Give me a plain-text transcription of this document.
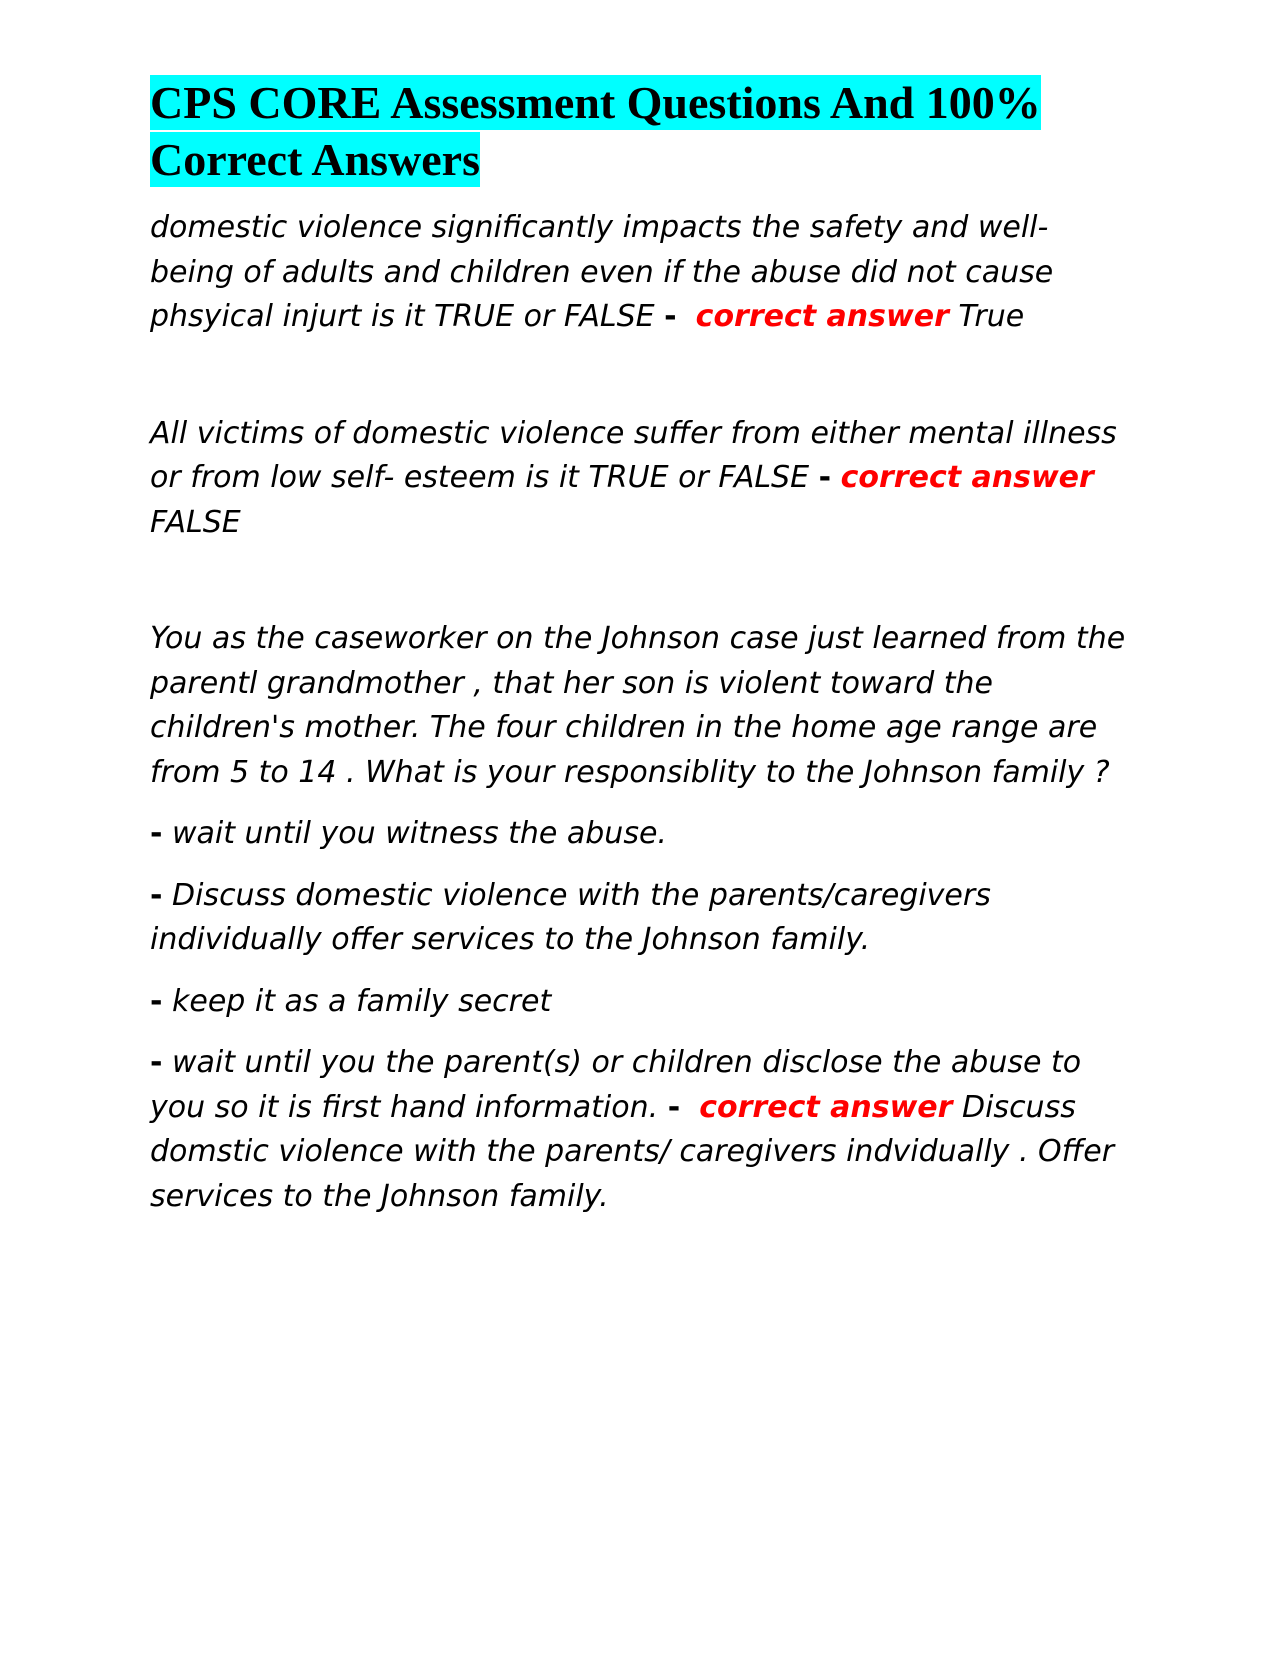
CPS CORE Assessment Questions And 100% Correct Answers

domestic violence significantly impacts the safety and well- being of adults and children even if the abuse did not cause phsyical injurt is it TRUE or FALSE - correct answer True

All victims of domestic violence suffer from either mental illness or from low self- esteem is it TRUE or FALSE - correct answer FALSE

You as the caseworker on the Johnson case just learned from the parentl grandmother , that her son is violent toward the children's mother. The four children in the home age range are from 5 to 14 . What is your responsiblity to the Johnson family ?

- wait until you witness the abuse.

- Discuss domestic violence with the parents/caregivers individually offer services to the Johnson family.

- keep it as a family secret

- wait until you the parent(s) or children disclose the abuse to you so it is first hand information. - correct answer Discuss domstic violence with the parents/ caregivers indvidually . Offer services to the Johnson family.
